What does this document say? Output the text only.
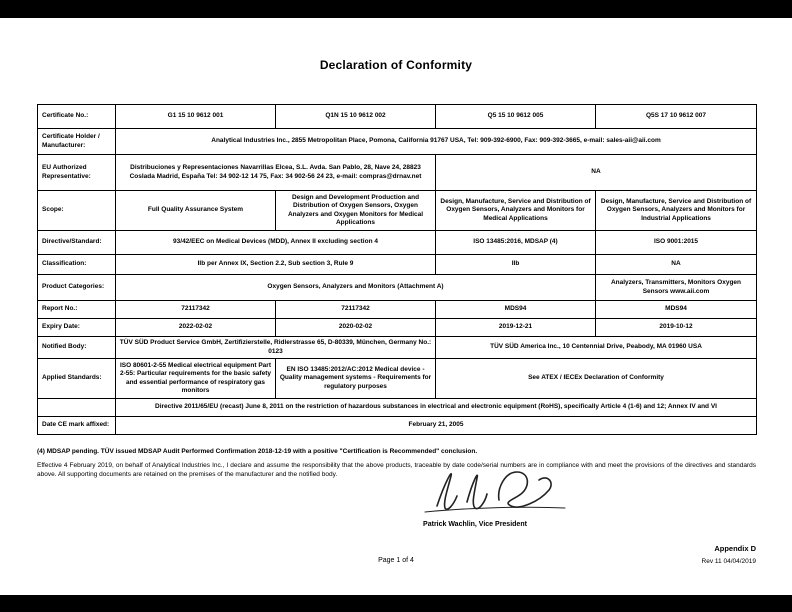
Declaration of Conformity
Certificate No.:	G1 15 10 9612 001	Q1N 15 10 9612 002	Q5 15 10 9612 005	Q5S 17 10 9612 007
Certificate Holder / Manufacturer:	Analytical Industries Inc., 2855 Metropolitan Place, Pomona, California 91767 USA, Tel: 909-392-6900, Fax: 909-392-3665, e-mail: sales-aii@aii.com			
EU Authorized Representative:	Distribuciones y Representaciones Navarrillas Elcea, S.L. Avda. San Pablo, 28, Nave 24, 28823 Coslada Madrid, España Tel: 34 902-12 14 75, Fax: 34 902-56 24 23, e-mail: compras@drnav.net		NA	
Scope:	Full Quality Assurance System	Design and Development Production and Distribution of Oxygen Sensors, Oxygen Analyzers and Oxygen Monitors for Medical Applications	Design, Manufacture, Service and Distribution of Oxygen Sensors, Analyzers and Monitors for Medical Applications	Design, Manufacture, Service and Distribution of Oxygen Sensors, Analyzers and Monitors for Industrial Applications
Directive/Standard:	93/42/EEC on Medical Devices (MDD), Annex II excluding section 4		ISO 13485:2016, MDSAP (4)	ISO 9001:2015
Classification:	IIb per Annex IX, Section 2.2, Sub section 3, Rule 9		IIb	NA
Product Categories:	Oxygen Sensors, Analyzers and Monitors (Attachment A)			Analyzers, Transmitters, Monitors Oxygen Sensors www.aii.com
Report No.:	72117342	72117342	MDS94	MDS94
Expiry Date:	2022-02-02	2020-02-02	2019-12-21	2019-10-12
Notified Body:	TÜV SÜD Product Service GmbH, Zertifizierstelle, Ridlerstrasse 65, D-80339, München, Germany No.: 0123		TÜV SÜD America Inc., 10 Centennial Drive, Peabody, MA 01960 USA	
Applied Standards:	ISO 80601-2-55 Medical electrical equipment Part 2-55: Particular requirements for the basic safety and essential performance of respiratory gas monitors	EN ISO 13485:2012/AC:2012 Medical device - Quality management systems - Requirements for regulatory purposes	See ATEX / IECEx Declaration of Conformity	
	Directive 2011/65/EU (recast) June 8, 2011 on the restriction of hazardous substances in electrical and electronic equipment (RoHS), specifically Article 4 (1-6) and 12; Annex IV and VI			
Date CE mark affixed:	February 21, 2005			

(4) MDSAP pending. TÜV issued MDSAP Audit Performed Confirmation 2018-12-19 with a positive "Certification is Recommended" conclusion.

Effective 4 February 2019, on behalf of Analytical Industries Inc., I declare and assume the responsibility that the above products, traceable by date code/serial numbers are in compliance with and meet the provisions of the directives and standards above. All supporting documents are retained on the premises of the manufacturer and the notified body.

Patrick Wachlin, Vice President
Page 1 of 4
Appendix D
Rev 11 04/04/2019
